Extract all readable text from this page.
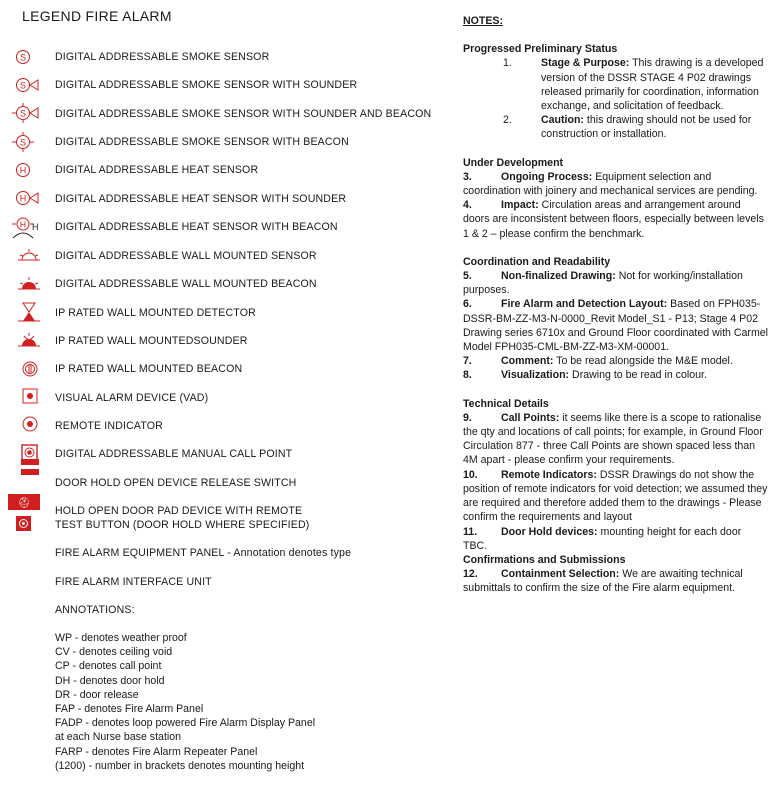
LEGEND FIRE ALARM
S	DIGITAL ADDRESSABLE SMOKE SENSOR
S	DIGITAL ADDRESSABLE SMOKE SENSOR WITH SOUNDER
S	DIGITAL ADDRESSABLE SMOKE SENSOR WITH SOUNDER AND BEACON
S	DIGITAL ADDRESSABLE SMOKE SENSOR WITH BEACON
H	DIGITAL ADDRESSABLE HEAT SENSOR
H	DIGITAL ADDRESSABLE HEAT SENSOR WITH SOUNDER
H H DIGITAL ADDRESSABLE HEAT SENSOR WITH BEACON
DIGITAL ADDRESSABLE WALL MOUNTED SENSOR
DIGITAL ADDRESSABLE WALL MOUNTED BEACON
IP RATED WALL MOUNTED DETECTOR
IP RATED WALL MOUNTEDSOUNDER
IP RATED WALL MOUNTED BEACON
VISUAL ALARM DEVICE (VAD)
REMOTE INDICATOR
DIGITAL ADDRESSABLE MANUAL CALL POINT
DOOR HOLD OPEN DEVICE RELEASE SWITCH
⛑
HOLD OPEN DOOR PAD DEVICE WITH REMOTE
TEST BUTTON (DOOR HOLD WHERE SPECIFIED)
FIRE ALARM EQUIPMENT PANEL - Annotation denotes type
FIRE ALARM INTERFACE UNIT
ANNOTATIONS:
WP - denotes weather proof
CV - denotes ceiling void
CP - denotes call point
DH - denotes door hold
DR - door release
FAP - denotes Fire Alarm Panel
FADP - denotes loop powered Fire Alarm Display Panel
at each Nurse base station
FARP - denotes Fire Alarm Repeater Panel
(1200) - number in brackets denotes mounting height
NOTES:
Progressed Preliminary Status
1.	Stage & Purpose: This drawing is a developed version of the DSSR STAGE 4 P02 drawings released primarily for coordination, information exchange, and solicitation of feedback.
2.	Caution: this drawing should not be used for construction or installation.
Under Development
3.	Ongoing Process: Equipment selection and coordination with joinery and mechanical services are pending.
4.	Impact: Circulation areas and arrangement around doors are inconsistent between floors, especially between levels 1 & 2 – please confirm the benchmark.
Coordination and Readability
5.	Non-finalized Drawing: Not for working/installation purposes.
6.	Fire Alarm and Detection Layout: Based on FPH035-DSSR-BM-ZZ-M3-N-0000_Revit Model_S1 - P13; Stage 4 P02 Drawing series 6710x and Ground Floor coordinated with Carmel Model FPH035-CML-BM-ZZ-M3-XM-00001.
7.	Comment: To be read alongside the M&E model.
8.	Visualization: Drawing to be read in colour.
Technical Details
9.	Call Points: it seems like there is a scope to rationalise the qty and locations of call points; for example, in Ground Floor Circulation 877 - three Call Points are shown spaced less than 4M apart - please confirm your requirements.
10. Remote Indicators: DSSR Drawings do not show the position of remote indicators for void detection; we assumed they are required and therefore added them to the drawings - Please confirm the requirements and layout
11. Door Hold devices: mounting height for each door TBC.
Confirmations and Submissions
12. Containment Selection: We are awaiting technical submittals to confirm the size of the Fire alarm equipment.
